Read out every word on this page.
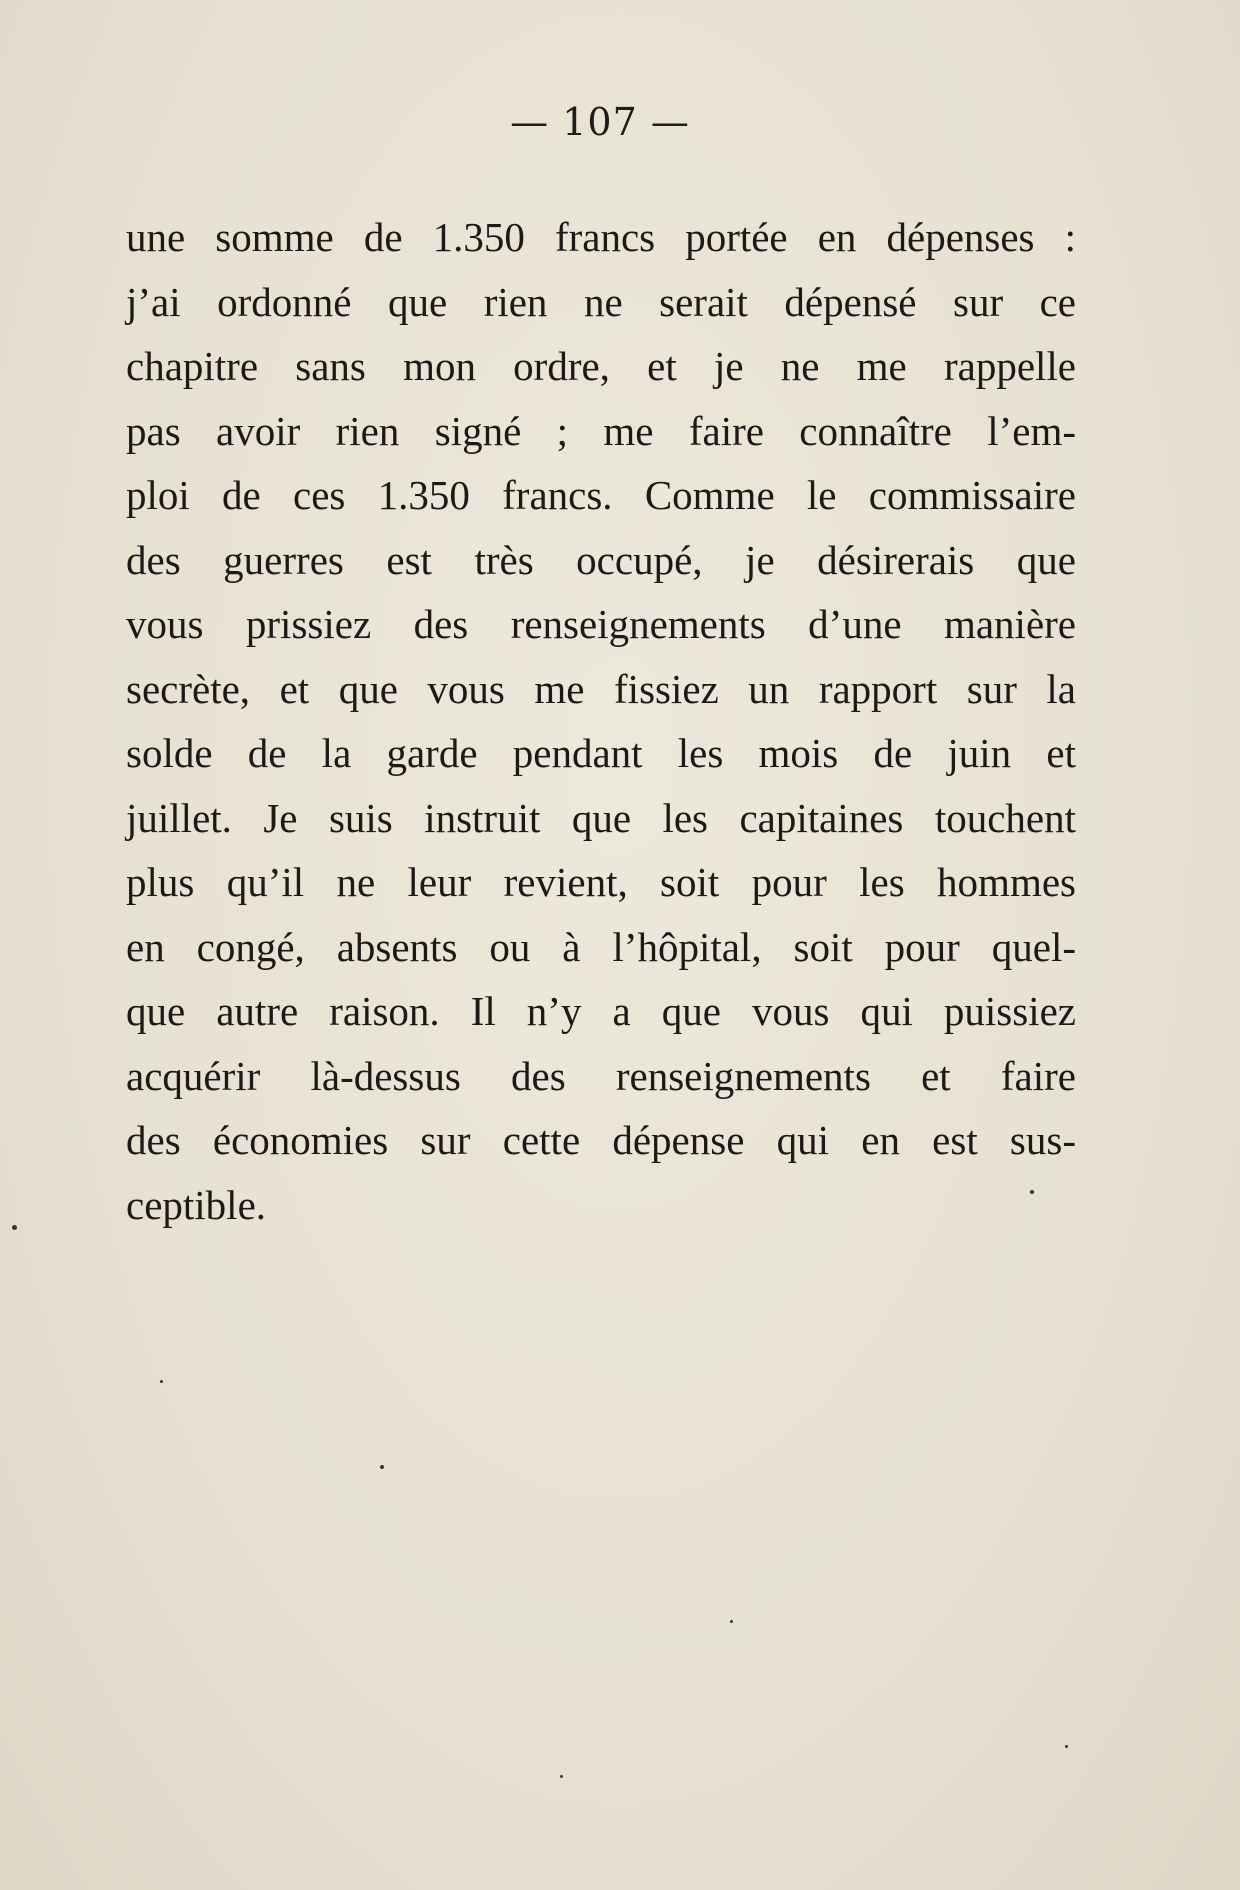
— 107 —
une somme de 1.350 francs portée en dépenses :
j’ai ordonné que rien ne serait dépensé sur ce
chapitre sans mon ordre, et je ne me rappelle
pas avoir rien signé ; me faire connaître l’em-
ploi de ces 1.350 francs. Comme le commissaire
des guerres est très occupé, je désirerais que
vous prissiez des renseignements d’une manière
secrète, et que vous me fissiez un rapport sur la
solde de la garde pendant les mois de juin et
juillet. Je suis instruit que les capitaines touchent
plus qu’il ne leur revient, soit pour les hommes
en congé, absents ou à l’hôpital, soit pour quel-
que autre raison. Il n’y a que vous qui puissiez
acquérir là-dessus des renseignements et faire
des économies sur cette dépense qui en est sus-
ceptible.
